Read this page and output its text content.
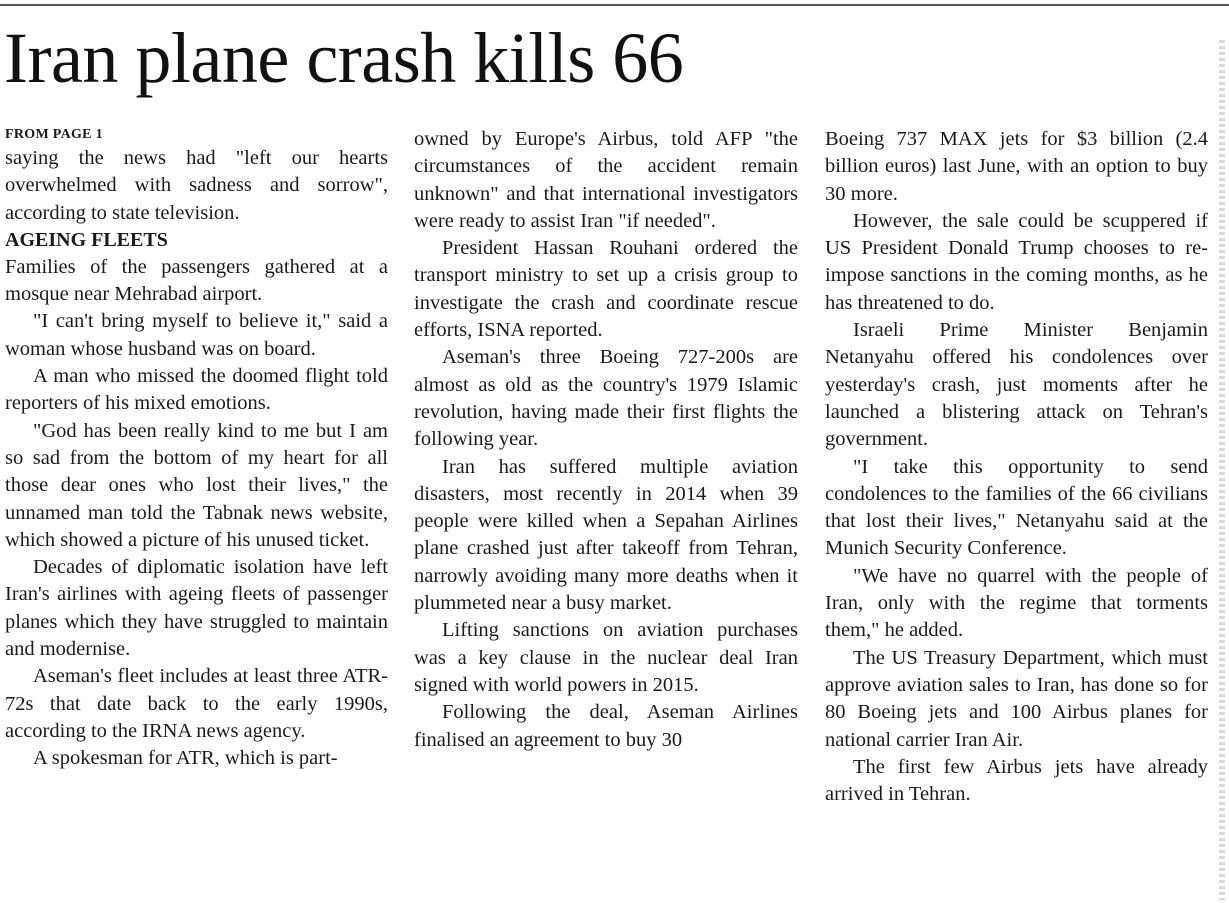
Iran plane crash kills 66
FROM PAGE 1

saying the news had "left our hearts overwhelmed with sadness and sorrow", according to state television.

AGEING FLEETS

Families of the passengers gathered at a mosque near Mehrabad airport.

"I can't bring myself to believe it," said a woman whose husband was on board.

A man who missed the doomed flight told reporters of his mixed emotions.

"God has been really kind to me but I am so sad from the bottom of my heart for all those dear ones who lost their lives," the unnamed man told the Tabnak news website, which showed a picture of his unused ticket.

Decades of diplomatic isolation have left Iran's airlines with ageing fleets of passenger planes which they have struggled to maintain and modernise.

Aseman's fleet includes at least three ATR-72s that date back to the early 1990s, according to the IRNA news agency.

A spokesman for ATR, which is part-

owned by Europe's Airbus, told AFP "the circumstances of the accident remain unknown" and that international investigators were ready to assist Iran "if needed".

President Hassan Rouhani ordered the transport ministry to set up a crisis group to investigate the crash and coordinate rescue efforts, ISNA reported.

Aseman's three Boeing 727-200s are almost as old as the country's 1979 Islamic revolution, having made their first flights the following year.

Iran has suffered multiple aviation disasters, most recently in 2014 when 39 people were killed when a Sepahan Airlines plane crashed just after takeoff from Tehran, narrowly avoiding many more deaths when it plummeted near a busy market.

Lifting sanctions on aviation purchases was a key clause in the nuclear deal Iran signed with world powers in 2015.

Following the deal, Aseman Airlines finalised an agreement to buy 30

Boeing 737 MAX jets for $3 billion (2.4 billion euros) last June, with an option to buy 30 more.

However, the sale could be scuppered if US President Donald Trump chooses to re-impose sanctions in the coming months, as he has threatened to do.

Israeli Prime Minister Benjamin Netanyahu offered his condolences over yesterday's crash, just moments after he launched a blistering attack on Tehran's government.

"I take this opportunity to send condolences to the families of the 66 civilians that lost their lives," Netanyahu said at the Munich Security Conference.

"We have no quarrel with the people of Iran, only with the regime that torments them," he added.

The US Treasury Department, which must approve aviation sales to Iran, has done so for 80 Boeing jets and 100 Airbus planes for national carrier Iran Air.

The first few Airbus jets have already arrived in Tehran.
